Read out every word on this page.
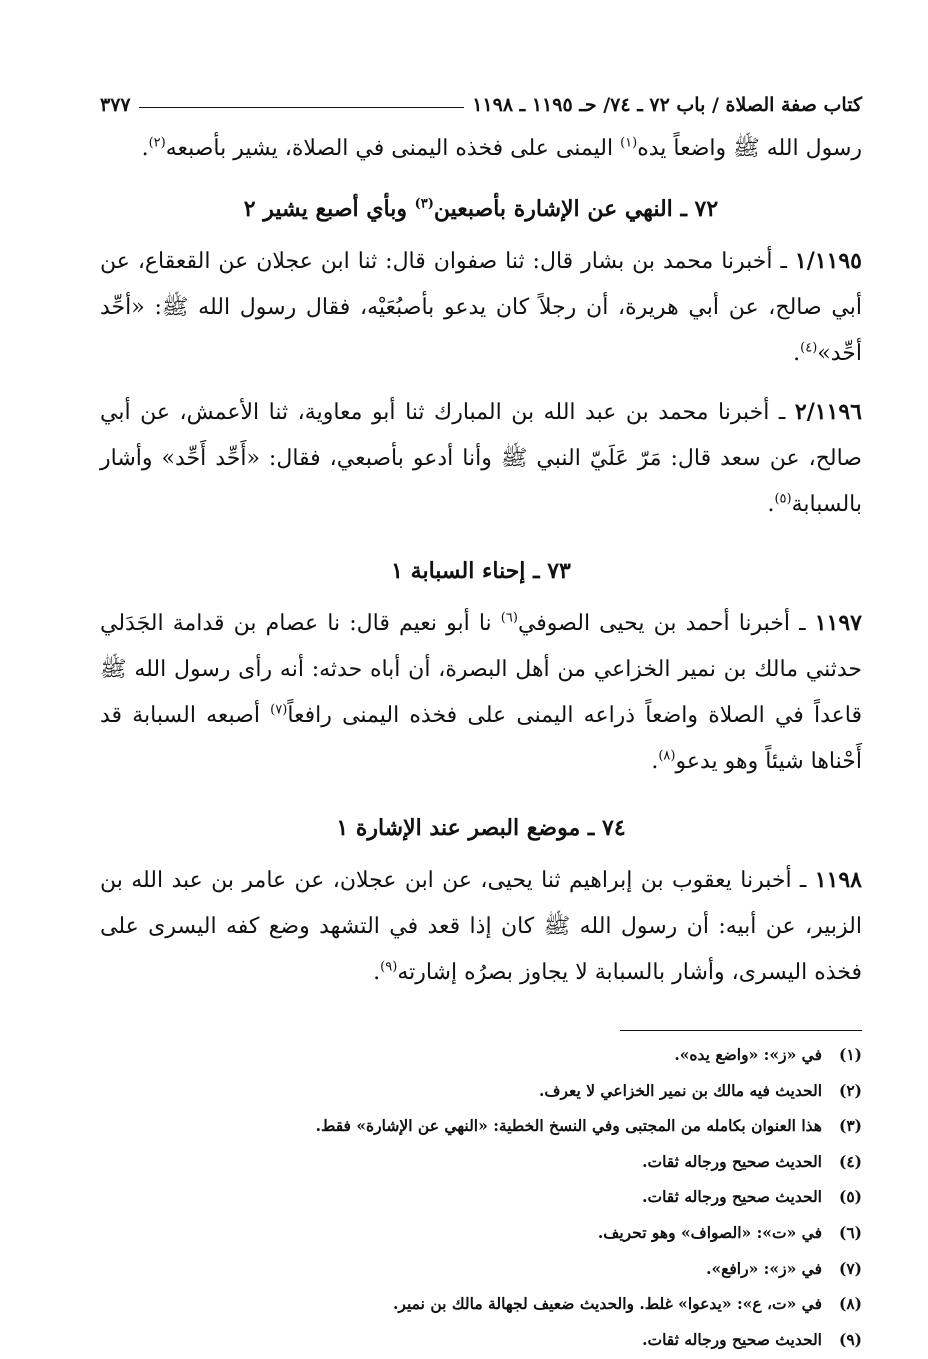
كتاب صفة الصلاة / باب ٧٢ ـ ٧٤/ حـ ١١٩٥ ـ ١١٩٨
٣٧٧

رسول الله ﷺ واضعاً يده$^{(١)}$ اليمنى على فخذه اليمنى في الصلاة، يشير بأصبعه$^{(٢)}$.

٧٢ ـ النهي عن الإشارة بأصبعين$^{(٣)}$ وبأي أصبع يشير ٢

١/١١٩٥ ـ أخبرنا محمد بن بشار قال: ثنا صفوان قال: ثنا ابن عجلان عن القعقاع، عن أبي صالح، عن أبي هريرة، أن رجلاً كان يدعو بأصبُعَيْه، فقال رسول الله ﷺ: «أحِّد أحِّد»$^{(٤)}$.

٢/١١٩٦ ـ أخبرنا محمد بن عبد الله بن المبارك ثنا أبو معاوية، ثنا الأعمش، عن أبي صالح، عن سعد قال: مَرّ عَلَيّ النبي ﷺ وأنا أدعو بأصبعي، فقال: «أَحِّد أَحِّد» وأشار بالسبابة$^{(٥)}$.

٧٣ ـ إحناء السبابة ١

١١٩٧ ـ أخبرنا أحمد بن يحيى الصوفي$^{(٦)}$ نا أبو نعيم قال: نا عصام بن قدامة الجَدَلي حدثني مالك بن نمير الخزاعي من أهل البصرة، أن أباه حدثه: أنه رأى رسول الله ﷺ قاعداً في الصلاة واضعاً ذراعه اليمنى على فخذه اليمنى رافعاً$^{(٧)}$ أصبعه السبابة قد أَحْناها شيئاً وهو يدعو$^{(٨)}$.

٧٤ ـ موضع البصر عند الإشارة ١

١١٩٨ ـ أخبرنا يعقوب بن إبراهيم ثنا يحيى، عن ابن عجلان، عن عامر بن عبد الله بن الزبير، عن أبيه: أن رسول الله ﷺ كان إذا قعد في التشهد وضع كفه اليسرى على فخذه اليسرى، وأشار بالسبابة لا يجاوز بصرُه إشارته$^{(٩)}$.

(١)
في «ز»: «واضع يده».
(٢)
الحديث فيه مالك بن نمير الخزاعي لا يعرف.
(٣)
هذا العنوان بكامله من المجتبى وفي النسخ الخطية: «النهي عن الإشارة» فقط.
(٤)
الحديث صحيح ورجاله ثقات.
(٥)
الحديث صحيح ورجاله ثقات.
(٦)
في «ت»: «الصواف» وهو تحريف.
(٧)
في «ز»: «رافع».
(٨)
في «ت، ع»: «يدعوا» غلط. والحديث ضعيف لجهالة مالك بن نمير.
(٩)
الحديث صحيح ورجاله ثقات.
